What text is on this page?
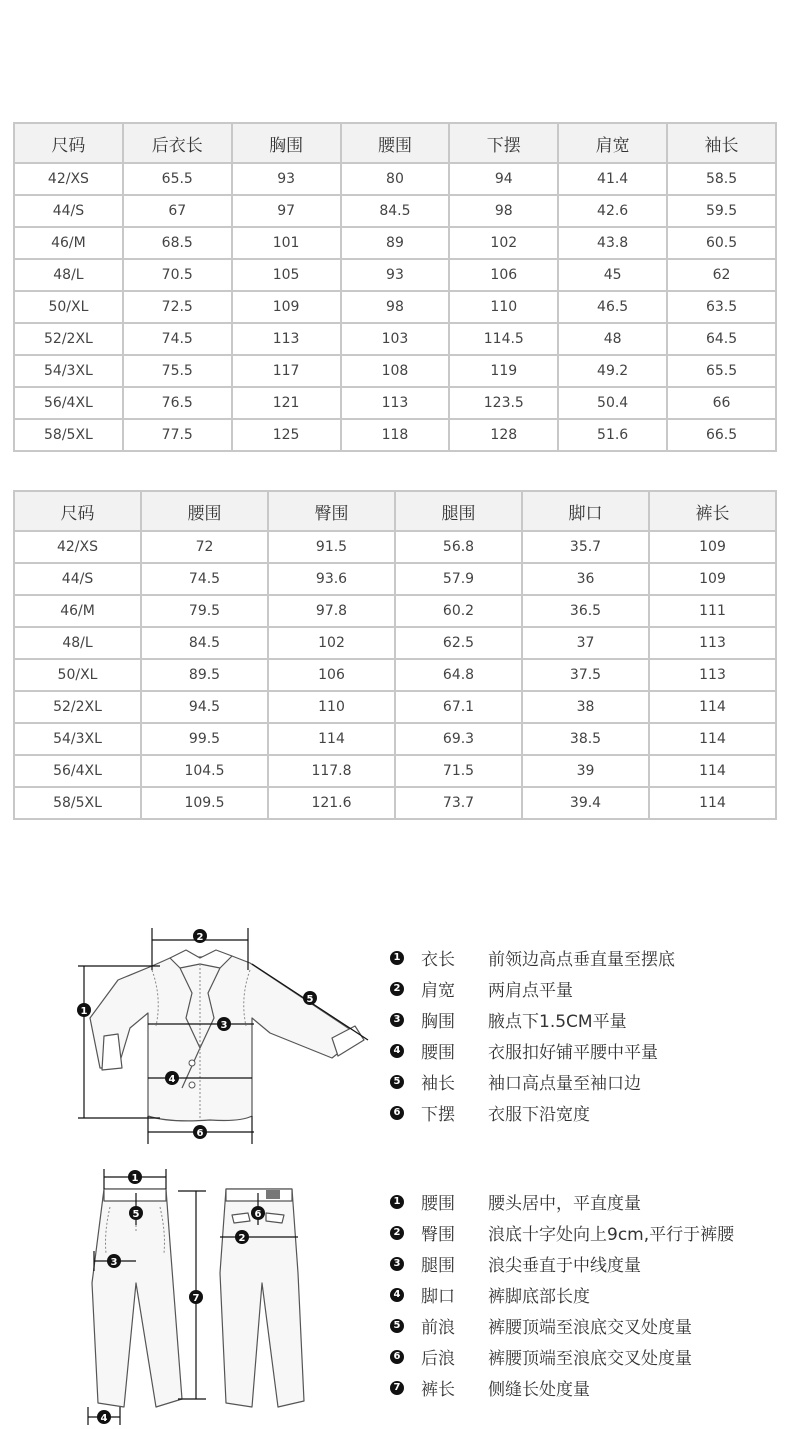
尺码	后衣长	胸围	腰围	下摆	肩宽	袖长
42/XS	65.5	93	80	94	41.4	58.5
44/S	67	97	84.5	98	42.6	59.5
46/M	68.5	101	89	102	43.8	60.5
48/L	70.5	105	93	106	45	62
50/XL	72.5	109	98	110	46.5	63.5
52/2XL	74.5	113	103	114.5	48	64.5
54/3XL	75.5	117	108	119	49.2	65.5
56/4XL	76.5	121	113	123.5	50.4	66
58/5XL	77.5	125	118	128	51.6	66.5
尺码	腰围	臀围	腿围	脚口	裤长
42/XS	72	91.5	56.8	35.7	109
44/S	74.5	93.6	57.9	36	109
46/M	79.5	97.8	60.2	36.5	111
48/L	84.5	102	62.5	37	113
50/XL	89.5	106	64.8	37.5	113
52/2XL	94.5	110	67.1	38	114
54/3XL	99.5	114	69.3	38.5	114
56/4XL	104.5	117.8	71.5	39	114
58/5XL	109.5	121.6	73.7	39.4	114
2
1
3
4
5
6
1
2
3
4
5	6
7
1 衣长	前领边高点垂直量至摆底
2 肩宽	两肩点平量
3 胸围	腋点下1.5CM平量
4 腰围	衣服扣好铺平腰中平量
5 袖长	袖口高点量至袖口边
6 下摆	衣服下沿宽度
1 腰围	腰头居中，平直度量
2 臀围	浪底十字处向上9cm,平行于裤腰
3 腿围	浪尖垂直于中线度量
4 脚口	裤脚底部长度
5 前浪	裤腰顶端至浪底交叉处度量
6 后浪	裤腰顶端至浪底交叉处度量
7 裤长	侧缝长处度量
